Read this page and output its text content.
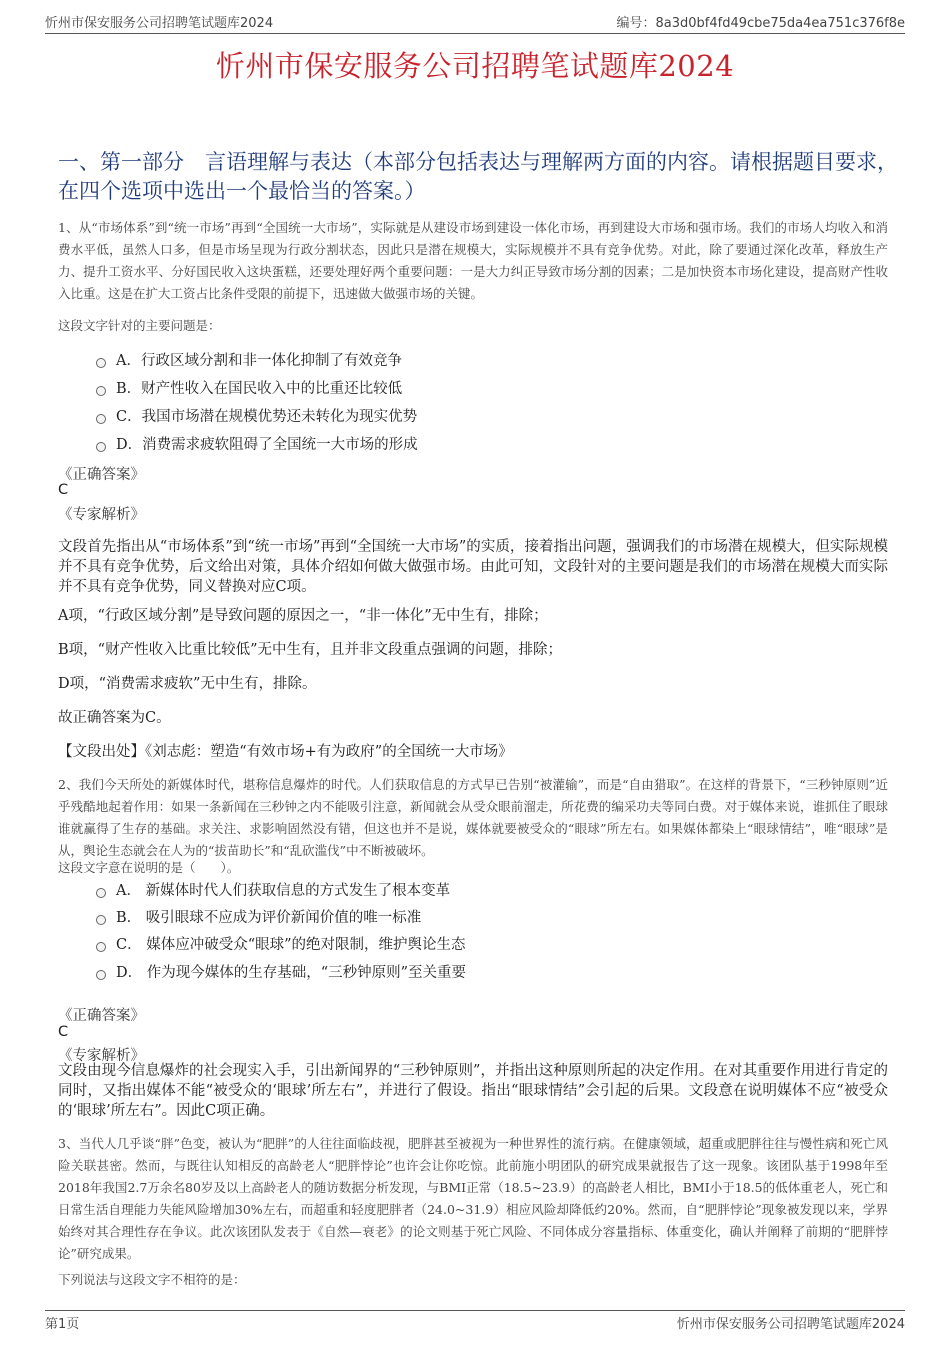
忻州市保安服务公司招聘笔试题库2024	编号：8a3d0bf4fd49cbe75da4ea751c376f8e
忻州市保安服务公司招聘笔试题库2024
一、第一部分　言语理解与表达（本部分包括表达与理解两方面的内容。请根据题目要求，在四个选项中选出一个最恰当的答案。）
1、从“市场体系”到“统一市场”再到“全国统一大市场”，实际就是从建设市场到建设一体化市场，再到建设大市场和强市场。我们的市场人均收入和消费水平低，虽然人口多，但是市场呈现为行政分割状态，因此只是潜在规模大，实际规模并不具有竞争优势。对此，除了要通过深化改革，释放生产力、提升工资水平、分好国民收入这块蛋糕，还要处理好两个重要问题：一是大力纠正导致市场分割的因素；二是加快资本市场化建设，提高财产性收入比重。这是在扩大工资占比条件受限的前提下，迅速做大做强市场的关键。
这段文字针对的主要问题是：
A．行政区域分割和非一体化抑制了有效竞争
B．财产性收入在国民收入中的比重还比较低
C．我国市场潜在规模优势还未转化为现实优势
D．消费需求疲软阻碍了全国统一大市场的形成
《正确答案》
C
《专家解析》
文段首先指出从“市场体系”到“统一市场”再到“全国统一大市场”的实质，接着指出问题，强调我们的市场潜在规模大，但实际规模并不具有竞争优势，后文给出对策，具体介绍如何做大做强市场。由此可知，文段针对的主要问题是我们的市场潜在规模大而实际并不具有竞争优势，同义替换对应C项。
A项，“行政区域分割”是导致问题的原因之一，“非一体化”无中生有，排除；
B项，“财产性收入比重比较低”无中生有，且并非文段重点强调的问题，排除；
D项，“消费需求疲软”无中生有，排除。
故正确答案为C。
【文段出处】《刘志彪：塑造“有效市场+有为政府”的全国统一大市场》
2、我们今天所处的新媒体时代，堪称信息爆炸的时代。人们获取信息的方式早已告别“被灌输”，而是“自由猎取”。在这样的背景下，“三秒钟原则”近乎残酷地起着作用：如果一条新闻在三秒钟之内不能吸引注意，新闻就会从受众眼前溜走，所花费的编采功夫等同白费。对于媒体来说，谁抓住了眼球谁就赢得了生存的基础。求关注、求影响固然没有错，但这也并不是说，媒体就要被受众的“眼球”所左右。如果媒体都染上“眼球情结”，唯“眼球”是从，舆论生态就会在人为的“拔苗助长”和“乱砍滥伐”中不断被破坏。
这段文字意在说明的是（　　）。
A． 新媒体时代人们获取信息的方式发生了根本变革
B． 吸引眼球不应成为评价新闻价值的唯一标准
C． 媒体应冲破受众“眼球”的绝对限制，维护舆论生态
D． 作为现今媒体的生存基础，“三秒钟原则”至关重要
《正确答案》
C
《专家解析》
文段由现今信息爆炸的社会现实入手，引出新闻界的“三秒钟原则”，并指出这种原则所起的决定作用。在对其重要作用进行肯定的同时，又指出媒体不能“被受众的‘眼球’所左右”，并进行了假设。指出“眼球情结”会引起的后果。文段意在说明媒体不应“被受众的‘眼球’所左右”。因此C项正确。
3、当代人几乎谈“胖”色变，被认为“肥胖”的人往往面临歧视，肥胖甚至被视为一种世界性的流行病。在健康领域，超重或肥胖往往与慢性病和死亡风险关联甚密。然而，与既往认知相反的高龄老人“肥胖悖论”也许会让你吃惊。此前施小明团队的研究成果就报告了这一现象。该团队基于1998年至2018年我国2.7万余名80岁及以上高龄老人的随访数据分析发现，与BMI正常（18.5~23.9）的高龄老人相比，BMI小于18.5的低体重老人，死亡和日常生活自理能力失能风险增加30%左右，而超重和轻度肥胖者（24.0~31.9）相应风险却降低约20%。然而，自“肥胖悖论”现象被发现以来，学界始终对其合理性存在争议。此次该团队发表于《自然—衰老》的论文则基于死亡风险、不同体成分容量指标、体重变化，确认并阐释了前期的“肥胖悖论”研究成果。
下列说法与这段文字不相符的是：
第1页	忻州市保安服务公司招聘笔试题库2024
